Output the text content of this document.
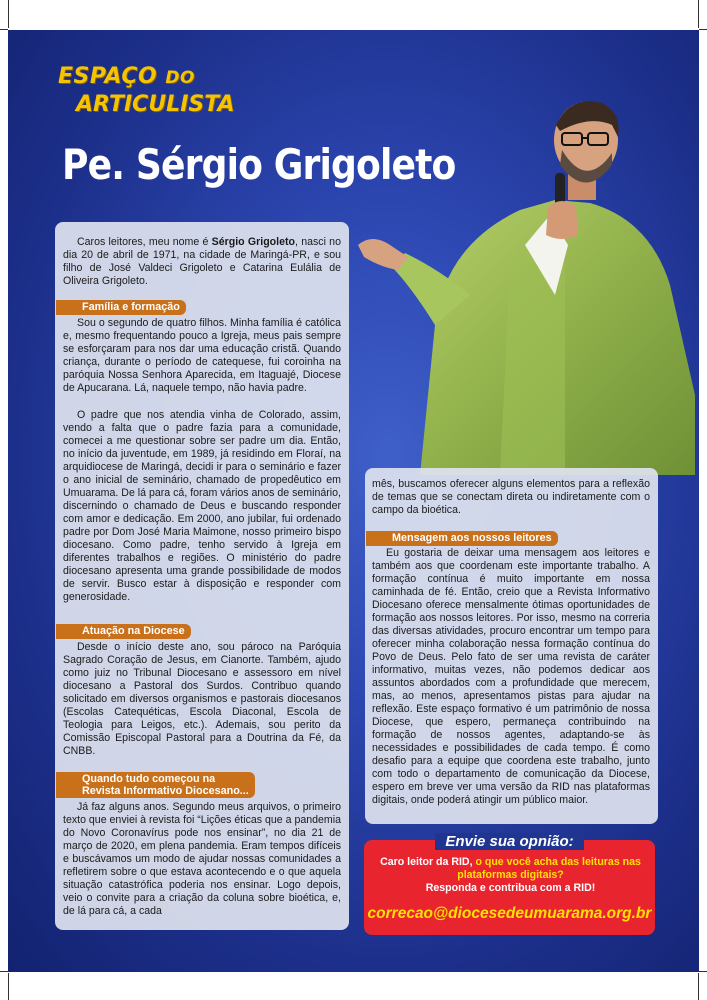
ESPAÇO DO
ARTICULISTA
Pe. Sérgio Grigoleto

Caros leitores, meu nome é Sérgio Grigoleto, nasci no dia 20 de abril de 1971, na cidade de Maringá-PR, e sou filho de José Valdeci Grigoleto e Catarina Eulália de Oliveira Grigoleto.

Família e formação

Sou o segundo de quatro filhos. Minha família é católica e, mesmo frequentando pouco a Igreja, meus pais sempre se esforçaram para nos dar uma educação cristã. Quando criança, durante o período de catequese, fui coroinha na paróquia Nossa Senhora Aparecida, em Itaguajé, Diocese de Apucarana. Lá, naquele tempo, não havia padre.

O padre que nos atendia vinha de Colorado, assim, vendo a falta que o padre fazia para a comunidade, comecei a me questionar sobre ser padre um dia. Então, no início da juventude, em 1989, já residindo em Floraí, na arquidiocese de Maringá, decidi ir para o seminário e fazer o ano inicial de seminário, chamado de propedêutico em Umuarama. De lá para cá, foram vários anos de seminário, discernindo o chamado de Deus e buscando responder com amor e dedicação. Em 2000, ano jubilar, fui ordenado padre por Dom José Maria Maimone, nosso primeiro bispo diocesano. Como padre, tenho servido à Igreja em diferentes trabalhos e regiões. O ministério do padre diocesano apresenta uma grande possibilidade de modos de servir. Busco estar à disposição e responder com generosidade.

Atuação na Diocese

Desde o início deste ano, sou pároco na Paróquia Sagrado Coração de Jesus, em Cianorte. Também, ajudo como juiz no Tribunal Diocesano e assessoro em nível diocesano a Pastoral dos Surdos. Contribuo quando solicitado em diversos organismos e pastorais diocesanos (Escolas Catequéticas, Escola Diaconal, Escola de Teologia para Leigos, etc.). Ademais, sou perito da Comissão Episcopal Pastoral para a Doutrina da Fé, da CNBB.

Quando tudo começou na
Revista Informativo Diocesano...

Já faz alguns anos. Segundo meus arquivos, o primeiro texto que enviei à revista foi “Lições éticas que a pandemia do Novo Coronavírus pode nos ensinar”, no dia 21 de março de 2020, em plena pandemia. Eram tempos difíceis e buscávamos um modo de ajudar nossas comunidades a refletirem sobre o que estava acontecendo e o que aquela situação catastrófica poderia nos ensinar. Logo depois, veio o convite para a criação da coluna sobre bioética, e, de lá para cá, a cada

mês, buscamos oferecer alguns elementos para a reflexão de temas que se conectam direta ou indiretamente com o campo da bioética.

Mensagem aos nossos leitores

Eu gostaria de deixar uma mensagem aos leitores e também aos que coordenam este importante trabalho. A formação contínua é muito importante em nossa caminhada de fé. Então, creio que a Revista Informativo Diocesano oferece mensalmente ótimas oportunidades de formação aos nossos leitores. Por isso, mesmo na correria das diversas atividades, procuro encontrar um tempo para oferecer minha colaboração nessa formação contínua do Povo de Deus. Pelo fato de ser uma revista de caráter informativo, muitas vezes, não podemos dedicar aos assuntos abordados com a profundidade que merecem, mas, ao menos, apresentamos pistas para ajudar na reflexão. Este espaço formativo é um patrimônio de nossa Diocese, que espero, permaneça contribuindo na formação de nossos agentes, adaptando-se às necessidades e possibilidades de cada tempo. É como desafio para a equipe que coordena este trabalho, junto com todo o departamento de comunicação da Diocese, espero em breve ver uma versão da RID nas plataformas digitais, onde poderá atingir um público maior.

Envie sua opnião:
Caro leitor da RID, o que você acha das leituras nas plataformas digitais?
Responda e contribua com a RID!
correcao@diocesedeumuarama.org.br
